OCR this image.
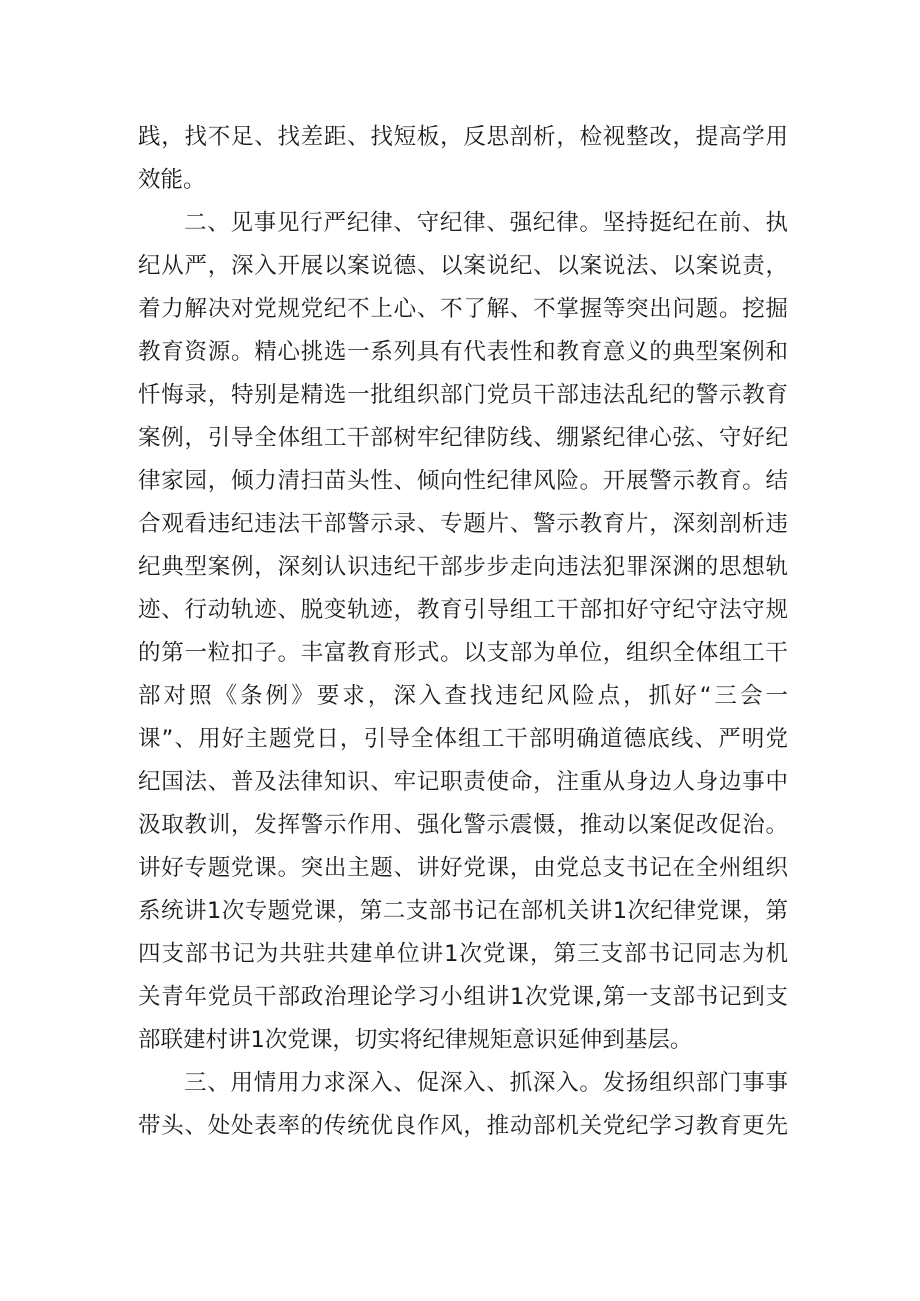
践，找不足、找差距、找短板，反思剖析，检视整改，提高学用
效能。
二、见事见行严纪律、守纪律、强纪律。坚持挺纪在前、执
纪从严，深入开展以案说德、以案说纪、以案说法、以案说责，
着力解决对党规党纪不上心、不了解、不掌握等突出问题。挖掘
教育资源。精心挑选一系列具有代表性和教育意义的典型案例和
忏悔录，特别是精选一批组织部门党员干部违法乱纪的警示教育
案例，引导全体组工干部树牢纪律防线、绷紧纪律心弦、守好纪
律家园，倾力清扫苗头性、倾向性纪律风险。开展警示教育。结
合观看违纪违法干部警示录、专题片、警示教育片，深刻剖析违
纪典型案例，深刻认识违纪干部步步走向违法犯罪深渊的思想轨
迹、行动轨迹、脱变轨迹，教育引导组工干部扣好守纪守法守规
的第一粒扣子。丰富教育形式。以支部为单位，组织全体组工干
部对照《条例》要求，深入查找违纪风险点，抓好“三会一
课”、用好主题党日，引导全体组工干部明确道德底线、严明党
纪国法、普及法律知识、牢记职责使命，注重从身边人身边事中
汲取教训，发挥警示作用、强化警示震慑，推动以案促改促治。
讲好专题党课。突出主题、讲好党课，由党总支书记在全州组织
系统讲1次专题党课，第二支部书记在部机关讲1次纪律党课，第
四支部书记为共驻共建单位讲1次党课，第三支部书记同志为机
关青年党员干部政治理论学习小组讲1次党课,第一支部书记到支
部联建村讲1次党课，切实将纪律规矩意识延伸到基层。
三、用情用力求深入、促深入、抓深入。发扬组织部门事事
带头、处处表率的传统优良作风，推动部机关党纪学习教育更先
